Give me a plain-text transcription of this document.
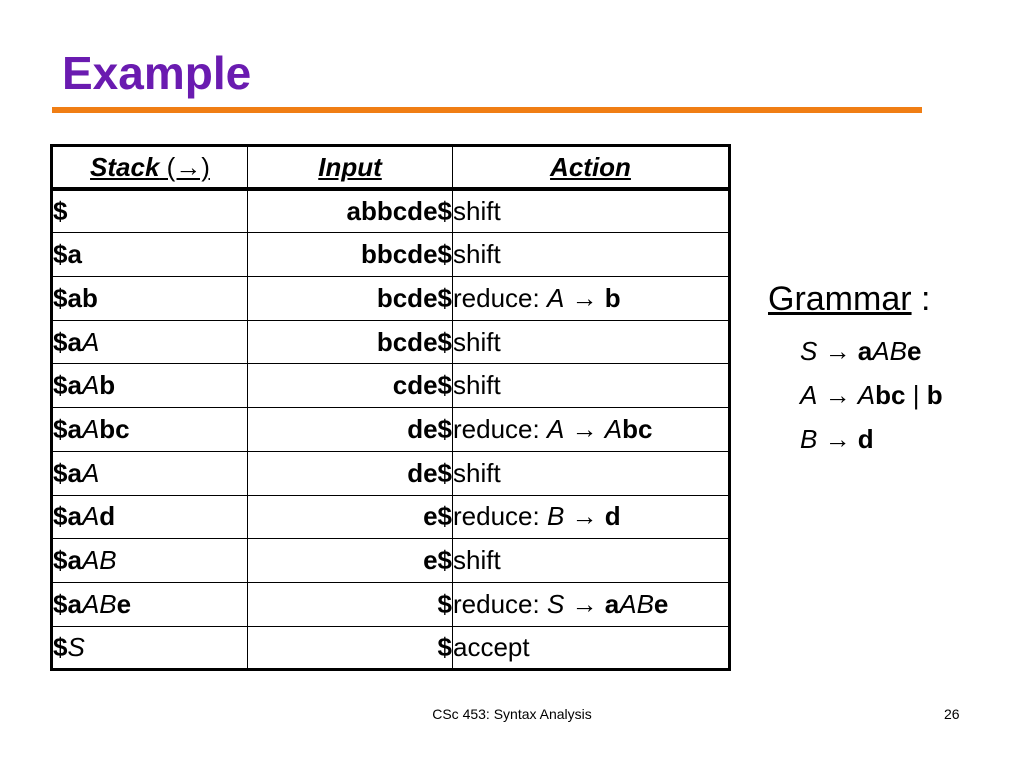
Example
Stack (→)	Input	Action
$	abbcde$	shift
$a	bbcde$	shift
$ab	bcde$	reduce: A → b
$aA	bcde$	shift
$aAb	cde$	shift
$aAbc	de$	reduce: A → Abc
$aA	de$	shift
$aAd	e$	reduce: B → d
$aAB	e$	shift
$aABe	$	reduce: S → aABe
$S	$	accept
Grammar :
S → aABe
A → Abc | b
B → d
CSc 453: Syntax Analysis	26
